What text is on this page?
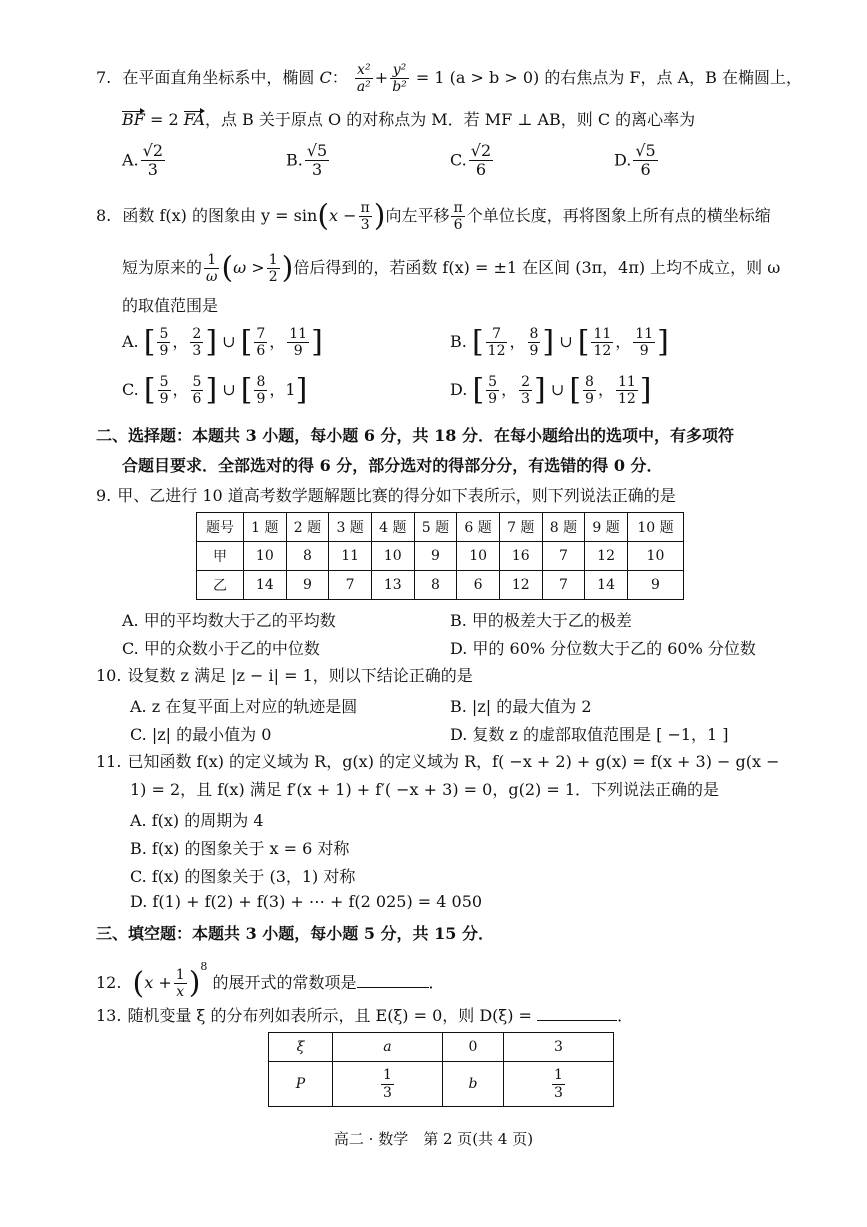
7. 在平面直角坐标系中，椭圆 C： $\frac{\text{x²}}{\text{a²}} + \frac{\text{y²}}{\text{b²}} = 1$ (a > b > 0) 的右焦点为 F，点 A，B 在椭圆上，
BF = 2 FA，点 B 关于原点 O 的对称点为 M．若 MF ⊥ AB，则 C 的离心率为
A. $\frac{√2}{3}$	B. $\frac{√5}{3}$	C. $\frac{√2}{6}$	D. $\frac{√5}{6}$
8. 函数 f(x) 的图象由 $y = \sin(x - \frac{\pi}{3}$ )向左平移 $\frac{\pi}{6}$ 个单位长度，再将图象上所有点的横坐标缩
短为原来的 $\frac{1}{\omega} (\omega > \frac{1}{2}$ )倍后得到的，若函数 f(x) = ±1 在区间 (3π，4π) 上均不成立，则 ω
的取值范围是
A. [ $\frac{5}{9}$ ， $\frac{2}{3}$ ] ∪ [ $\frac{7}{6}$ ， $\frac{11}{9}$ ]	B. [ $\frac{7}{12}$ ， $\frac{8}{9}$ ] ∪ [ $\frac{11}{12}$ ， $\frac{11}{9}$ ]
C. [ $\frac{5}{9}$ ， $\frac{5}{6}$ ] ∪ [ $\frac{8}{9}$ ，1]	D. [ $\frac{5}{9}$ ， $\frac{2}{3}$ ] ∪ [ $\frac{8}{9}$ ， $\frac{11}{12}$ ]
二、选择题：本题共 3 小题，每小题 6 分，共 18 分．在每小题给出的选项中，有多项符
合题目要求．全部选对的得 6 分，部分选对的得部分分，有选错的得 0 分．
9. 甲、乙进行 10 道高考数学题解题比赛的得分如下表所示，则下列说法正确的是
题号	1 题	2 题	3 题	4 题	5 题	6 题	7 题	8 题	9 题	10 题
甲	10	8	11	10	9	10	16	7	12	10
乙	14	9	7	13	8	6	12	7	14	9
A. 甲的平均数大于乙的平均数	B. 甲的极差大于乙的极差
C. 甲的众数小于乙的中位数	D. 甲的 60% 分位数大于乙的 60% 分位数
10. 设复数 z 满足 |z − i| = 1，则以下结论正确的是
A. z 在复平面上对应的轨迹是圆	B. |z| 的最大值为 2
C. |z| 的最小值为 0	D. 复数 z 的虚部取值范围是 [ −1，1 ]
11. 已知函数 f(x) 的定义域为 R，g(x) 的定义域为 R，f( −x + 2) + g(x) = f(x + 3) − g(x −
1) = 2，且 f(x) 满足 f′(x + 1) + f′( −x + 3) = 0，g(2) = 1．下列说法正确的是
A. f(x) 的周期为 4
B. f(x) 的图象关于 x = 6 对称
C. f(x) 的图象关于 (3，1) 对称
D. f(1) + f(2) + f(3) + ⋯ + f(2 025) = 4 050
三、填空题：本题共 3 小题，每小题 5 分，共 15 分．
12. $(x + \frac{1}{x} )^8$ 的展开式的常数项是	．
13. 随机变量 ξ 的分布列如表所示，且 E(ξ) = 0，则 D(ξ) =	．
ξ	a	0	3
P	$\frac{1}{3}$	b	$\frac{1}{3}$
高二 · 数学　第 2 页(共 4 页)
